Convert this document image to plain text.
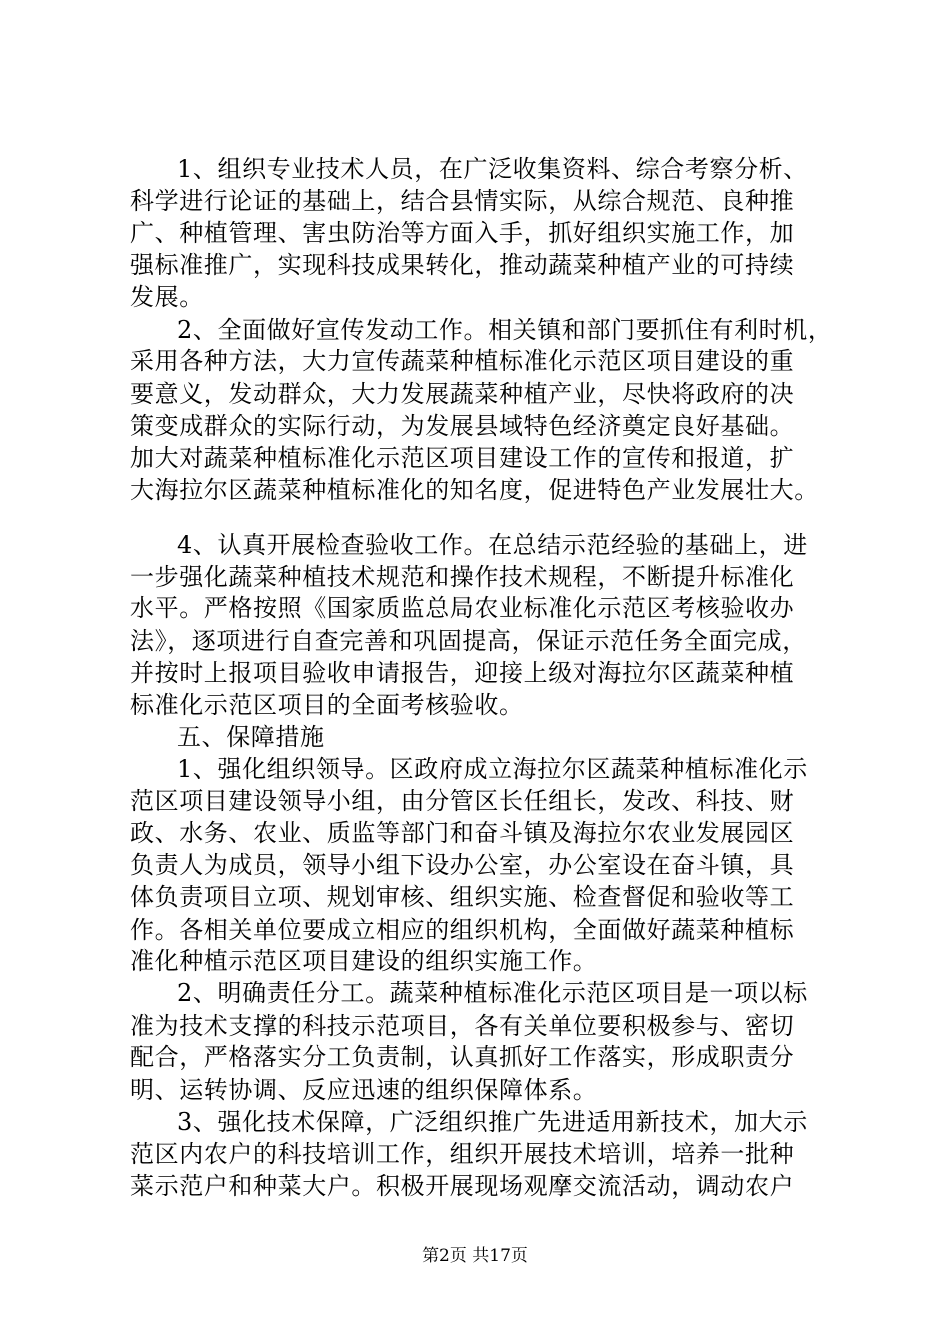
1、组织专业技术人员，在广泛收集资料、综合考察分析、
科学进行论证的基础上，结合县情实际，从综合规范、良种推
广、种植管理、害虫防治等方面入手，抓好组织实施工作，加
强标准推广，实现科技成果转化，推动蔬菜种植产业的可持续
发展。
2、全面做好宣传发动工作。相关镇和部门要抓住有利时机，
采用各种方法，大力宣传蔬菜种植标准化示范区项目建设的重
要意义，发动群众，大力发展蔬菜种植产业，尽快将政府的决
策变成群众的实际行动，为发展县域特色经济奠定良好基础。
加大对蔬菜种植标准化示范区项目建设工作的宣传和报道，扩
大海拉尔区蔬菜种植标准化的知名度，促进特色产业发展壮大。
4、认真开展检查验收工作。在总结示范经验的基础上，进
一步强化蔬菜种植技术规范和操作技术规程，不断提升标准化
水平。严格按照《国家质监总局农业标准化示范区考核验收办
法》，逐项进行自查完善和巩固提高，保证示范任务全面完成，
并按时上报项目验收申请报告，迎接上级对海拉尔区蔬菜种植
标准化示范区项目的全面考核验收。
五、保障措施
1、强化组织领导。区政府成立海拉尔区蔬菜种植标准化示
范区项目建设领导小组，由分管区长任组长，发改、科技、财
政、水务、农业、质监等部门和奋斗镇及海拉尔农业发展园区
负责人为成员，领导小组下设办公室，办公室设在奋斗镇，具
体负责项目立项、规划审核、组织实施、检查督促和验收等工
作。各相关单位要成立相应的组织机构，全面做好蔬菜种植标
准化种植示范区项目建设的组织实施工作。
2、明确责任分工。蔬菜种植标准化示范区项目是一项以标
准为技术支撑的科技示范项目，各有关单位要积极参与、密切
配合，严格落实分工负责制，认真抓好工作落实，形成职责分
明、运转协调、反应迅速的组织保障体系。
3、强化技术保障，广泛组织推广先进适用新技术，加大示
范区内农户的科技培训工作，组织开展技术培训，培养一批种
菜示范户和种菜大户。积极开展现场观摩交流活动，调动农户
第2页 共17页
